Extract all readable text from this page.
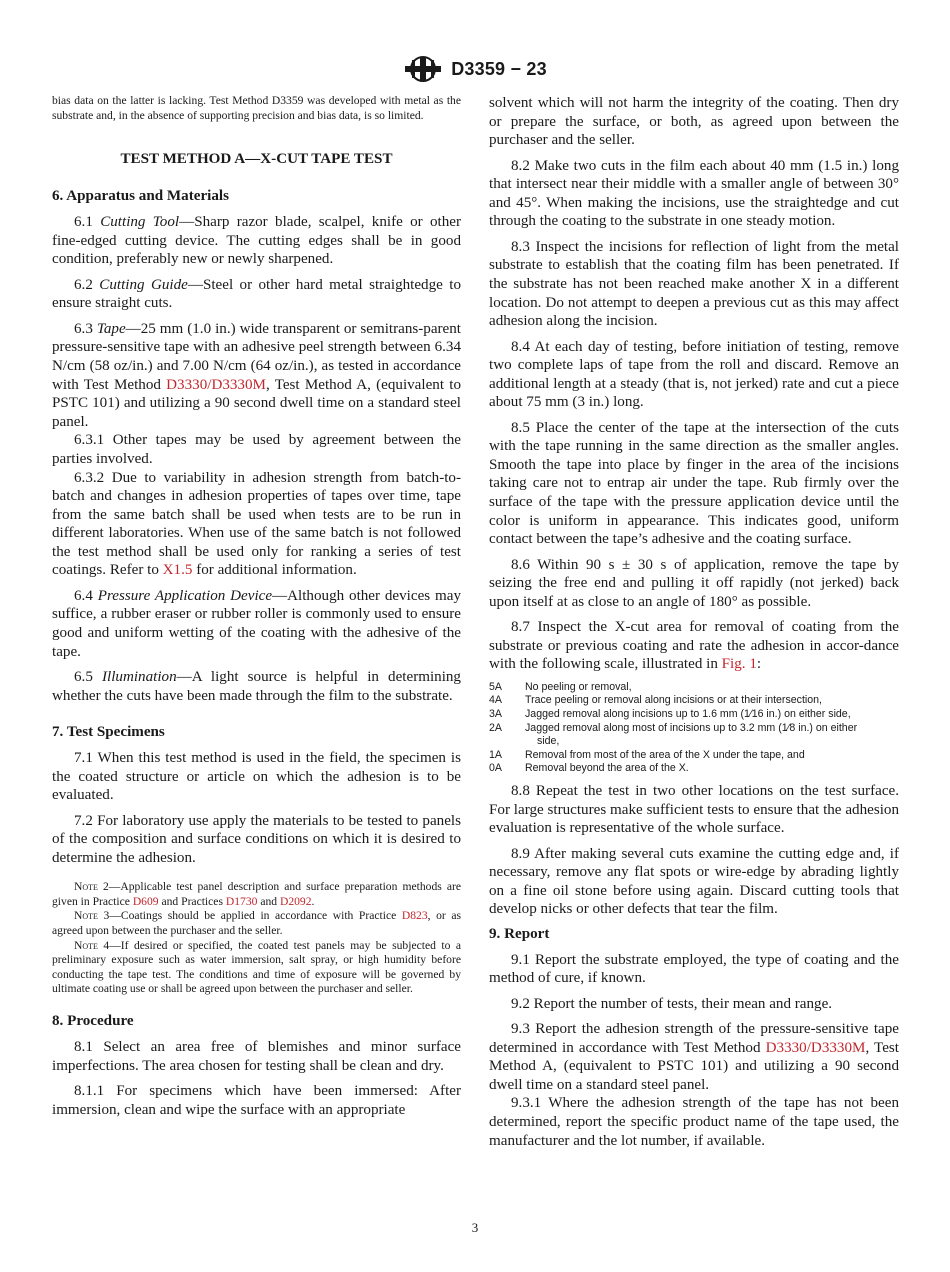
D3359 − 23

bias data on the latter is lacking. Test Method D3359 was developed with metal as the substrate and, in the absence of supporting precision and bias data, is so limited.

TEST METHOD A—X-CUT TAPE TEST
6. Apparatus and Materials

6.1 Cutting Tool—Sharp razor blade, scalpel, knife or other fine-edged cutting device. The cutting edges shall be in good condition, preferably new or newly sharpened.

6.2 Cutting Guide—Steel or other hard metal straightedge to ensure straight cuts.

6.3 Tape—25 mm (1.0 in.) wide transparent or semitrans-parent pressure-sensitive tape with an adhesive peel strength between 6.34 N/cm (58 oz/in.) and 7.00 N/cm (64 oz/in.), as tested in accordance with Test Method D3330/D3330M, Test Method A, (equivalent to PSTC 101) and utilizing a 90 second dwell time on a standard steel panel.

6.3.1 Other tapes may be used by agreement between the parties involved.

6.3.2 Due to variability in adhesion strength from batch-to-batch and changes in adhesion properties of tapes over time, tape from the same batch shall be used when tests are to be run in different laboratories. When use of the same batch is not followed the test method shall be used only for ranking a series of test coatings. Refer to X1.5 for additional information.

6.4 Pressure Application Device—Although other devices may suffice, a rubber eraser or rubber roller is commonly used to ensure good and uniform wetting of the coating with the adhesive of the tape.

6.5 Illumination—A light source is helpful in determining whether the cuts have been made through the film to the substrate.

7. Test Specimens

7.1 When this test method is used in the field, the specimen is the coated structure or article on which the adhesion is to be evaluated.

7.2 For laboratory use apply the materials to be tested to panels of the composition and surface conditions on which it is desired to determine the adhesion.

Note 2—Applicable test panel description and surface preparation methods are given in Practice D609 and Practices D1730 and D2092.

Note 3—Coatings should be applied in accordance with Practice D823, or as agreed upon between the purchaser and the seller.

Note 4—If desired or specified, the coated test panels may be subjected to a preliminary exposure such as water immersion, salt spray, or high humidity before conducting the tape test. The conditions and time of exposure will be governed by ultimate coating use or shall be agreed upon between the purchaser and seller.

8. Procedure

8.1 Select an area free of blemishes and minor surface imperfections. The area chosen for testing shall be clean and dry.

8.1.1 For specimens which have been immersed: After immersion, clean and wipe the surface with an appropriate

solvent which will not harm the integrity of the coating. Then dry or prepare the surface, or both, as agreed upon between the purchaser and the seller.

8.2 Make two cuts in the film each about 40 mm (1.5 in.) long that intersect near their middle with a smaller angle of between 30° and 45°. When making the incisions, use the straightedge and cut through the coating to the substrate in one steady motion.

8.3 Inspect the incisions for reflection of light from the metal substrate to establish that the coating film has been penetrated. If the substrate has not been reached make another X in a different location. Do not attempt to deepen a previous cut as this may affect adhesion along the incision.

8.4 At each day of testing, before initiation of testing, remove two complete laps of tape from the roll and discard. Remove an additional length at a steady (that is, not jerked) rate and cut a piece about 75 mm (3 in.) long.

8.5 Place the center of the tape at the intersection of the cuts with the tape running in the same direction as the smaller angles. Smooth the tape into place by finger in the area of the incisions taking care not to entrap air under the tape. Rub firmly over the surface of the tape with the pressure application device until the color is uniform in appearance. This indicates good, uniform contact between the tape’s adhesive and the coating surface.

8.6 Within 90 s ± 30 s of application, remove the tape by seizing the free end and pulling it off rapidly (not jerked) back upon itself at as close to an angle of 180° as possible.

8.7 Inspect the X-cut area for removal of coating from the substrate or previous coating and rate the adhesion in accor-dance with the following scale, illustrated in Fig. 1:

5A	No peeling or removal,
4A	Trace peeling or removal along incisions or at their intersection,
3A	Jagged removal along incisions up to 1.6 mm (1⁄16 in.) on either side,
2A	Jagged removal along most of incisions up to 3.2 mm (1⁄8 in.) on either
side,
1A	Removal from most of the area of the X under the tape, and
0A	Removal beyond the area of the X.

8.8 Repeat the test in two other locations on the test surface. For large structures make sufficient tests to ensure that the adhesion evaluation is representative of the whole surface.

8.9 After making several cuts examine the cutting edge and, if necessary, remove any flat spots or wire-edge by abrading lightly on a fine oil stone before using again. Discard cutting tools that develop nicks or other defects that tear the film.

9. Report

9.1 Report the substrate employed, the type of coating and the method of cure, if known.

9.2 Report the number of tests, their mean and range.

9.3 Report the adhesion strength of the pressure-sensitive tape determined in accordance with Test Method D3330/D3330M, Test Method A, (equivalent to PSTC 101) and utilizing a 90 second dwell time on a standard steel panel.

9.3.1 Where the adhesion strength of the tape has not been determined, report the specific product name of the tape used, the manufacturer and the lot number, if available.

3
